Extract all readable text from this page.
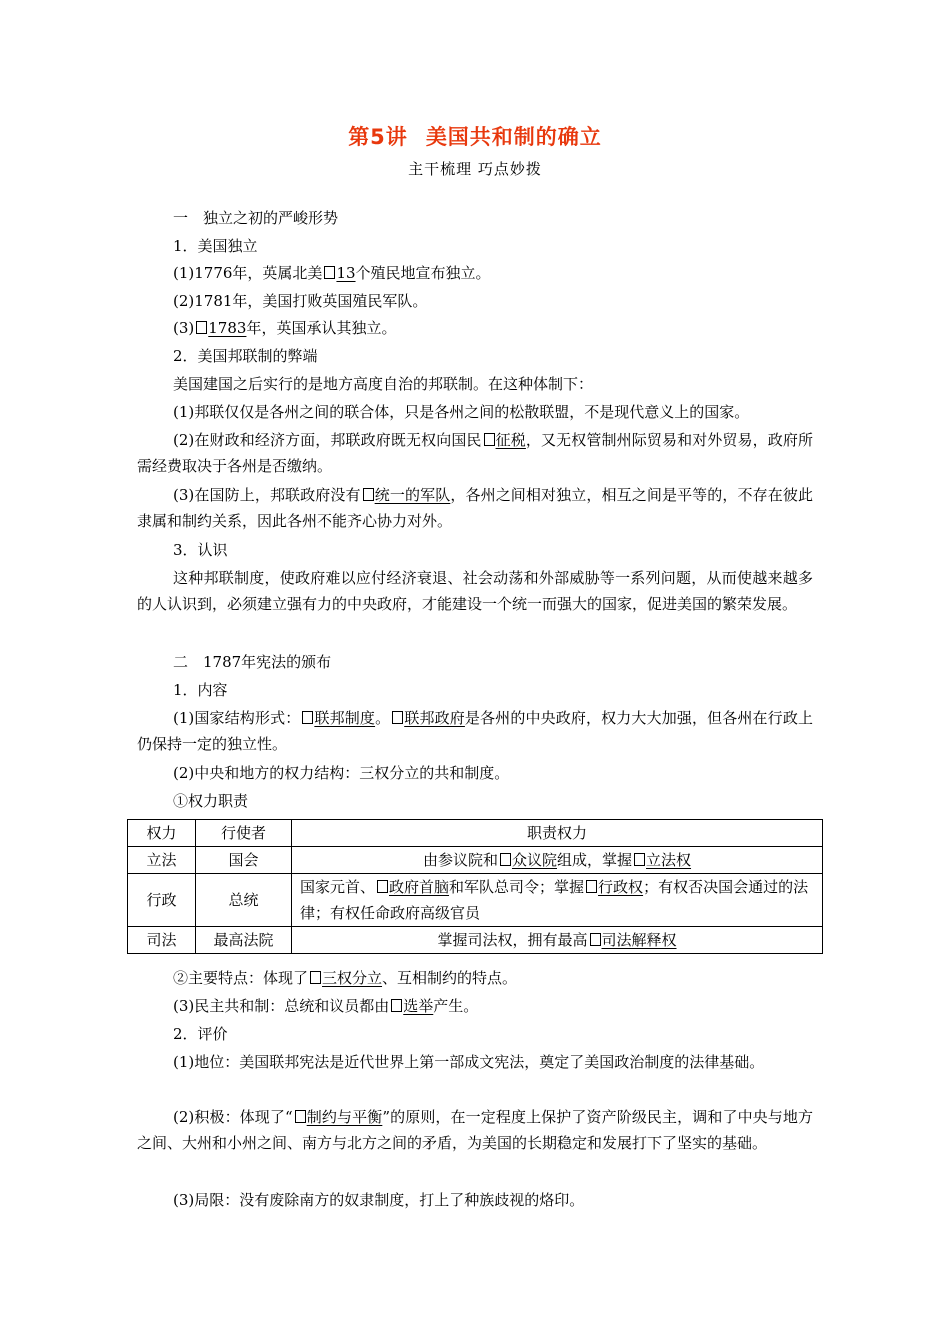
第5讲 美国共和制的确立
主干梳理 巧点妙拨
一　独立之初的严峻形势
1．美国独立
(1)1776年，英属北美 13个殖民地宣布独立。
(2)1781年，美国打败英国殖民军队。
(3) 1783年，英国承认其独立。
2．美国邦联制的弊端
美国建国之后实行的是地方高度自治的邦联制。在这种体制下：
(1)邦联仅仅是各州之间的联合体，只是各州之间的松散联盟，不是现代意义上的国家。
(2)在财政和经济方面，邦联政府既无权向国民 征税，又无权管制州际贸易和对外贸易，政府所需经费取决于各州是否缴纳。
(3)在国防上，邦联政府没有 统一的军队，各州之间相对独立，相互之间是平等的，不存在彼此隶属和制约关系，因此各州不能齐心协力对外。
3．认识
这种邦联制度，使政府难以应付经济衰退、社会动荡和外部威胁等一系列问题，从而使越来越多的人认识到，必须建立强有力的中央政府，才能建设一个统一而强大的国家，促进美国的繁荣发展。
二　1787年宪法的颁布
1．内容
(1)国家结构形式： 联邦制度。 联邦政府是各州的中央政府，权力大大加强，但各州在行政上仍保持一定的独立性。
(2)中央和地方的权力结构：三权分立的共和制度。
①权力职责
权力	行使者	职责权力
立法	国会	由参议院和 众议院组成，掌握 立法权
行政	总统	国家元首、 政府首脑和军队总司令；掌握 行政权；有权否决国会通过的法律；有权任命政府高级官员
司法	最高法院	掌握司法权，拥有最高 司法解释权
②主要特点：体现了 三权分立、互相制约的特点。
(3)民主共和制：总统和议员都由 选举产生。
2．评价
(1)地位：美国联邦宪法是近代世界上第一部成文宪法，奠定了美国政治制度的法律基础。
(2)积极：体现了“ 制约与平衡”的原则，在一定程度上保护了资产阶级民主，调和了中央与地方之间、大州和小州之间、南方与北方之间的矛盾，为美国的长期稳定和发展打下了坚实的基础。
(3)局限：没有废除南方的奴隶制度，打上了种族歧视的烙印。
